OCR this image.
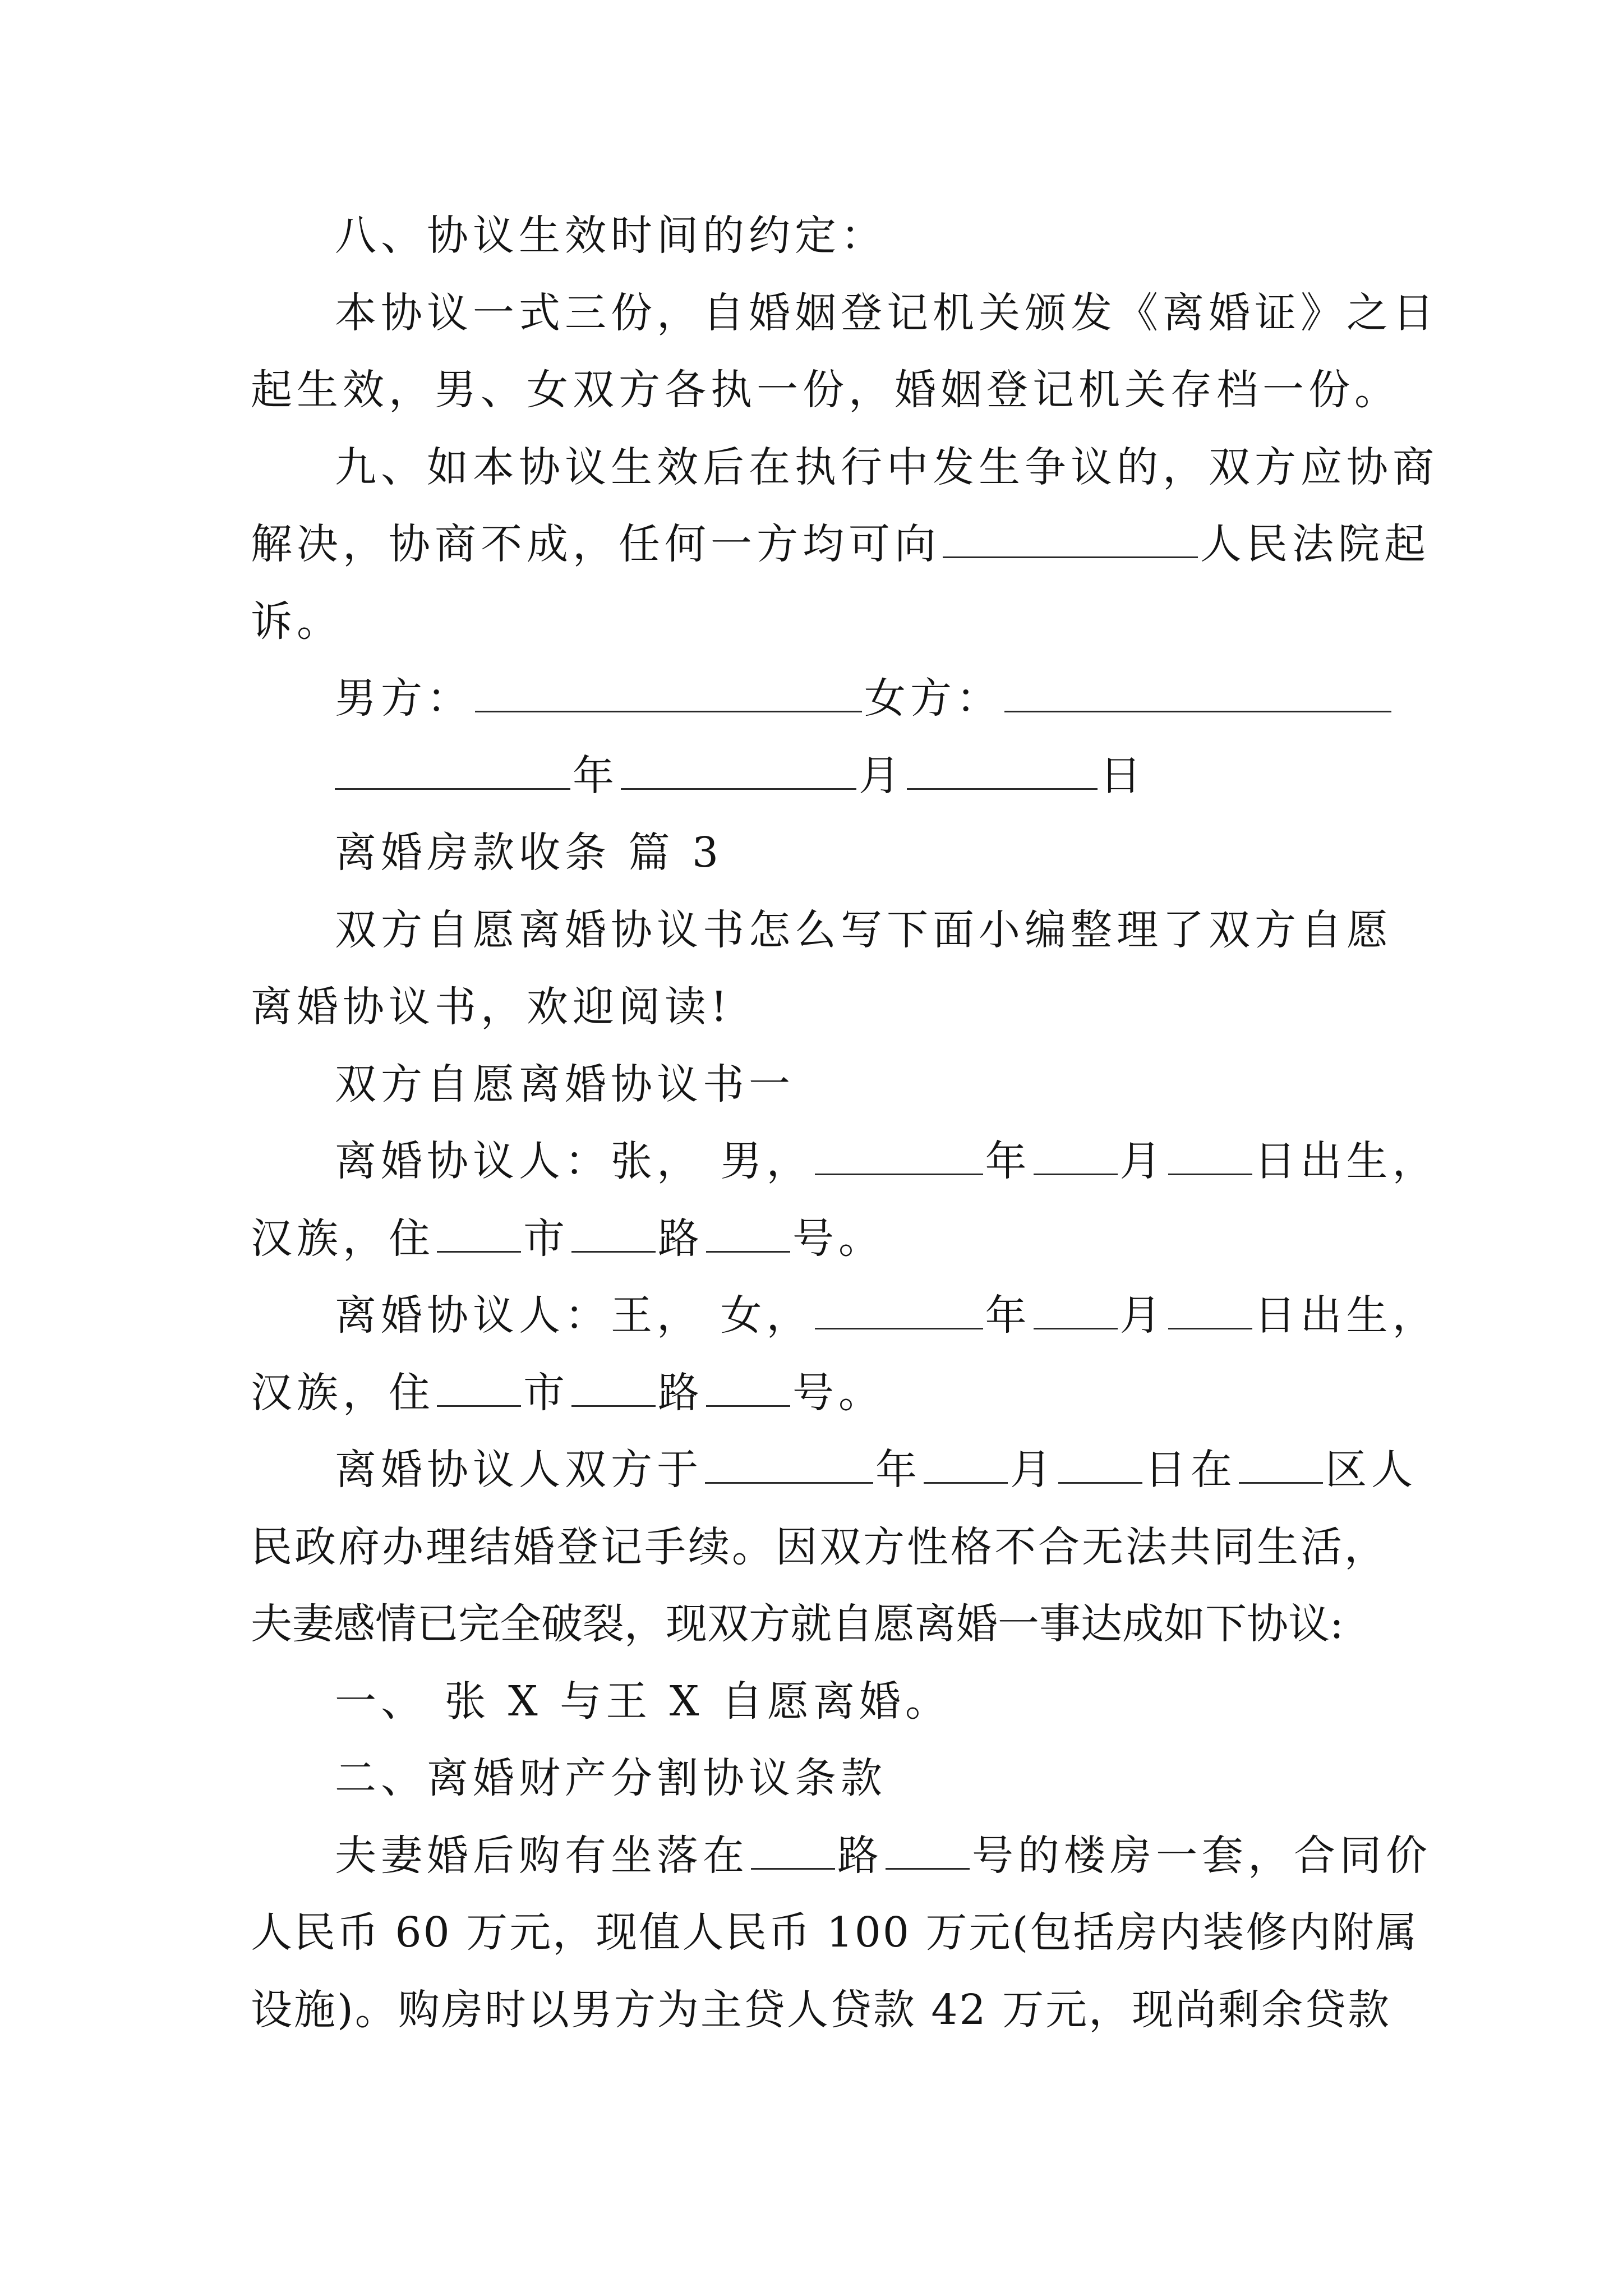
八、协议生效时间的约定：
本协议一式三份，自婚姻登记机关颁发《离婚证》之日
起生效，男、女双方各执一份，婚姻登记机关存档一份。
九、如本协议生效后在执行中发生争议的，双方应协商
解决，协商不成，任何一方均可向	人民法院起
诉。
男方：	女方：
年	月	日
离婚房款收条 篇 3
双方自愿离婚协议书怎么写下面小编整理了双方自愿
离婚协议书，欢迎阅读!
双方自愿离婚协议书一
离婚协议人：张， 男，	年 月 日出生，
汉族，住 市 路 号。
离婚协议人：王， 女，	年 月 日出生，
汉族，住 市 路 号。
离婚协议人双方于	年 月 日在 区人
民政府办理结婚登记手续。因双方性格不合无法共同生活，
夫妻感情已完全破裂，现双方就自愿离婚一事达成如下协议:
一、 张 X 与王 X 自愿离婚。
二、离婚财产分割协议条款
夫妻婚后购有坐落在 路 号的楼房一套，合同价
人民币 60 万元，现值人民币 100 万元(包括房内装修内附属
设施)。购房时以男方为主贷人贷款 42 万元，现尚剩余贷款
